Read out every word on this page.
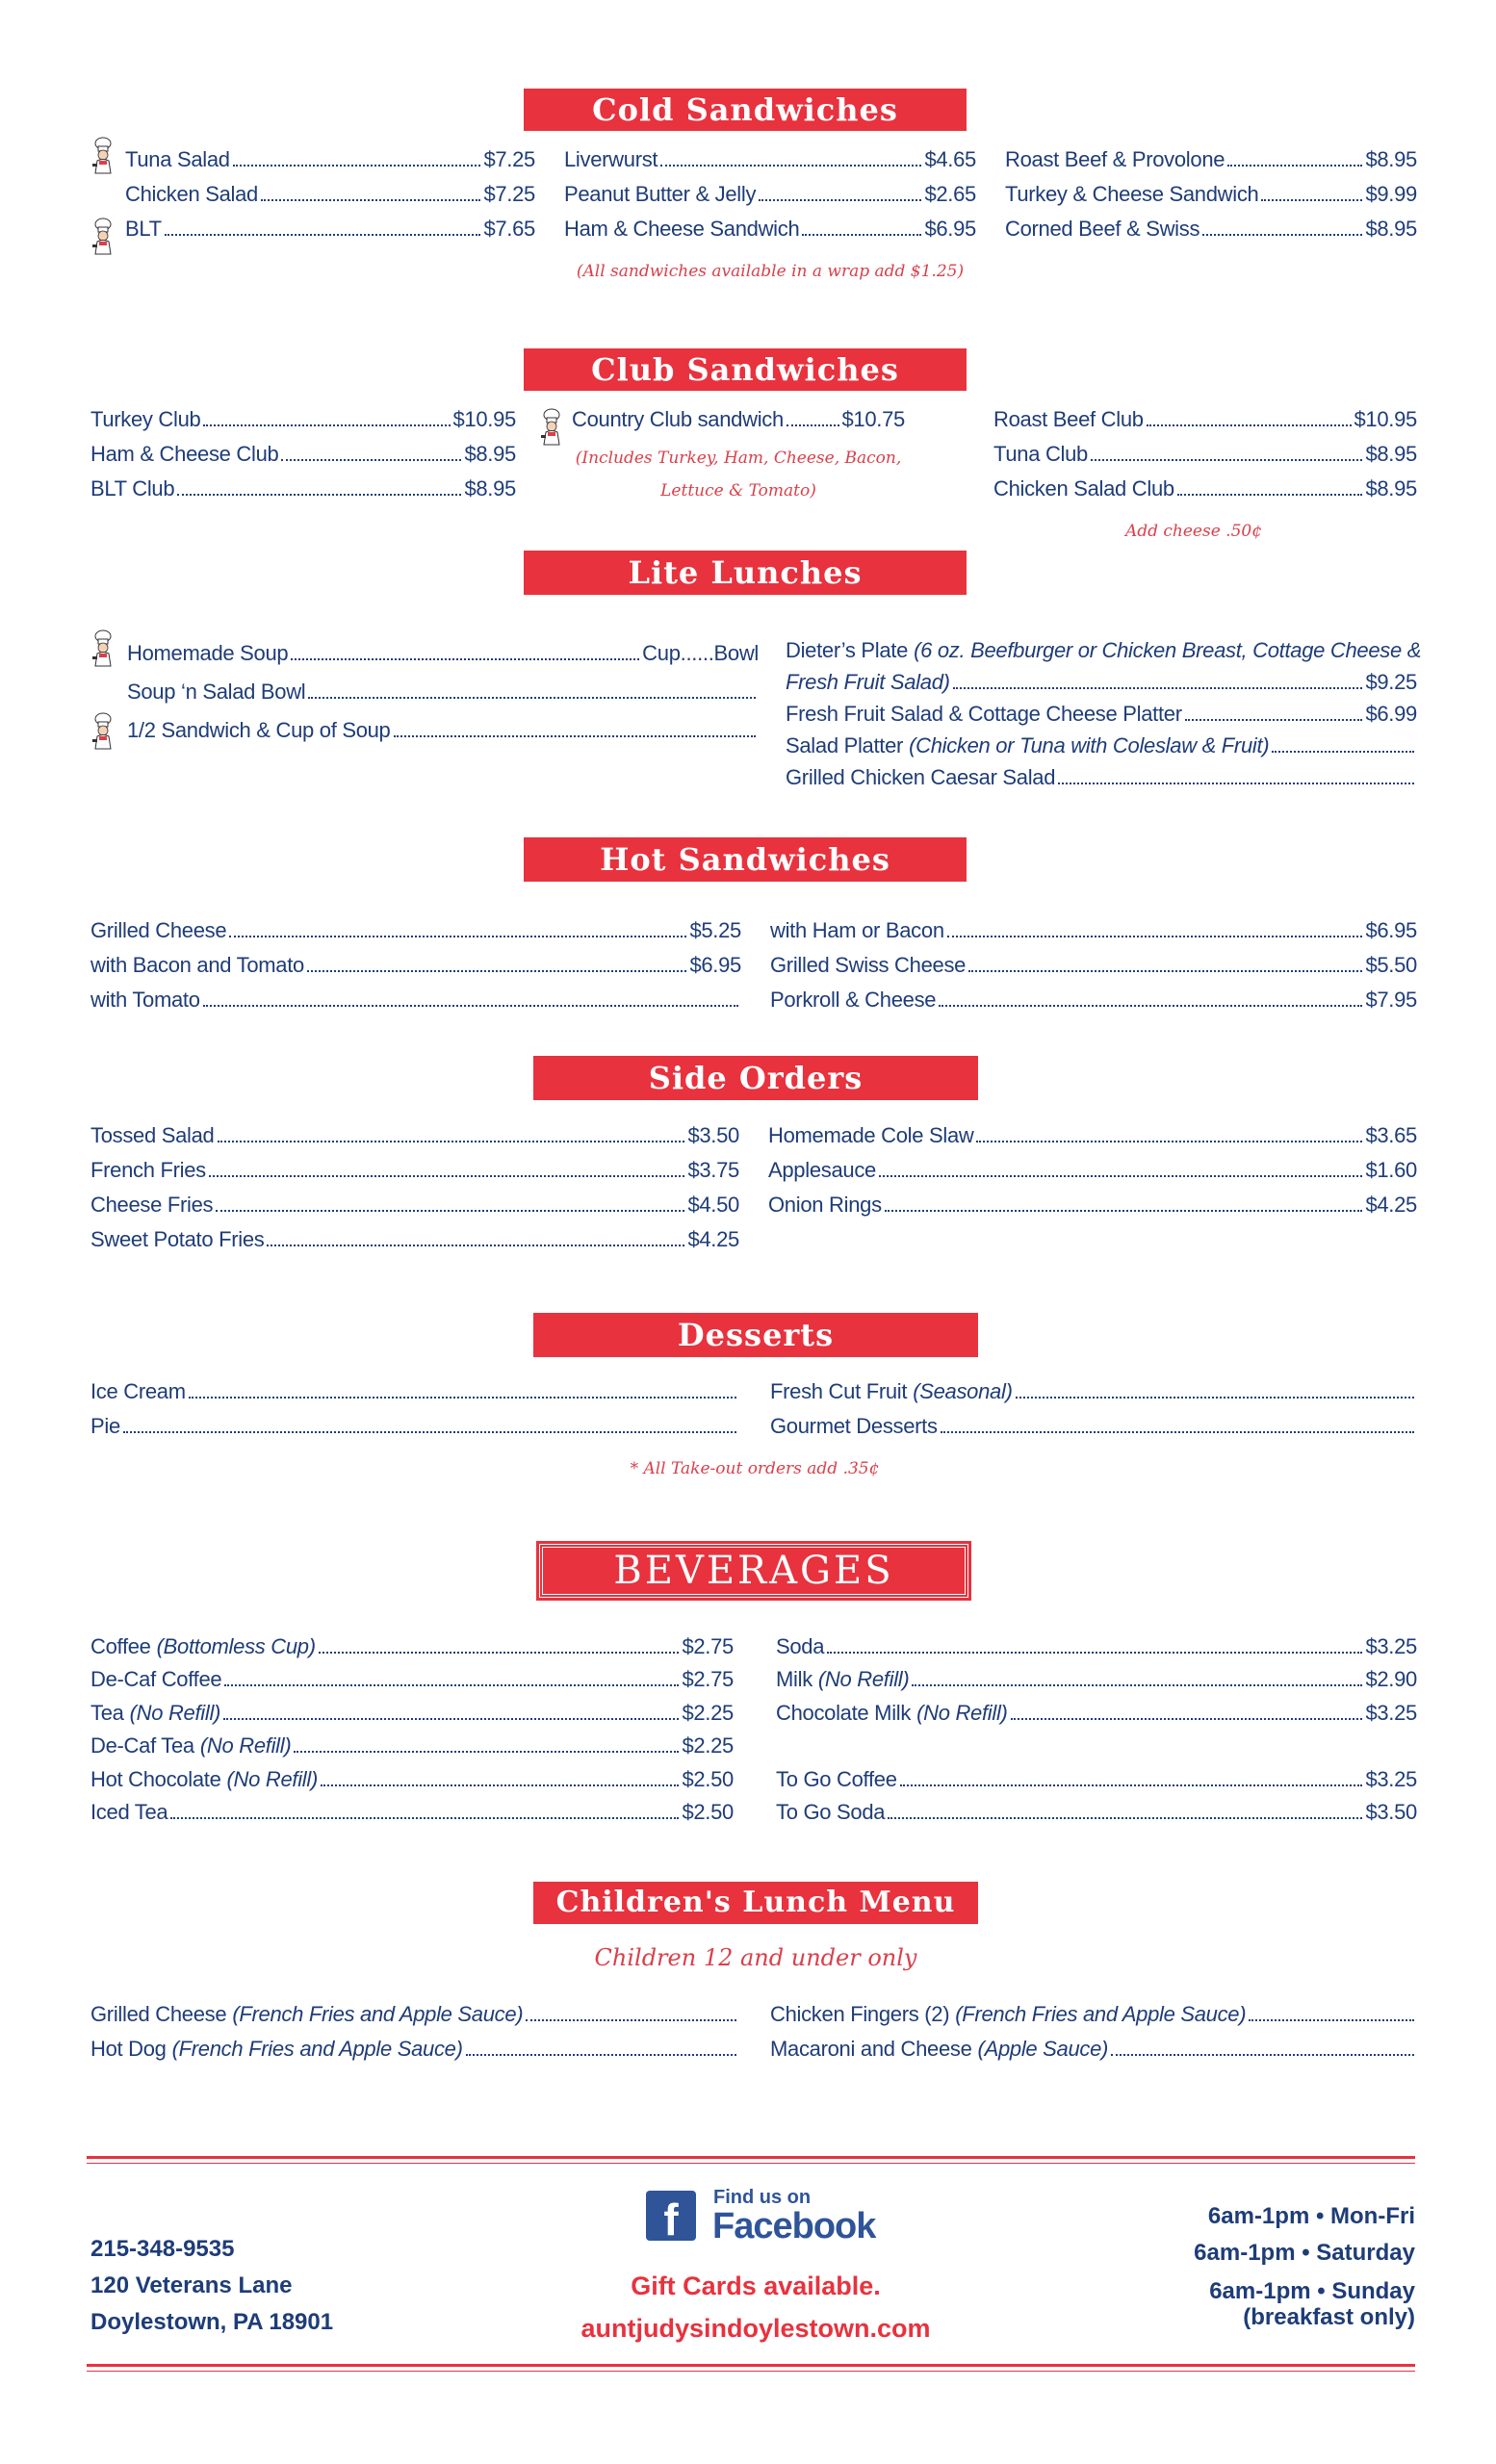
Cold Sandwiches
Tuna Salad	$7.25
Chicken Salad	$7.25
BLT	$7.65
Liverwurst	$4.65
Peanut Butter & Jelly	$2.65
Ham & Cheese Sandwich	$6.95
Roast Beef & Provolone	$8.95
Turkey & Cheese Sandwich	$9.99
Corned Beef & Swiss	$8.95
(All sandwiches available in a wrap add $1.25)
Club Sandwiches
Turkey Club	$10.95
Ham & Cheese Club	$8.95
BLT Club	$8.95
Country Club sandwich	$10.75
(Includes Turkey, Ham, Cheese, Bacon,
Lettuce & Tomato)
Roast Beef Club	$10.95
Tuna Club	$8.95
Chicken Salad Club	$8.95
Add cheese .50¢
Lite Lunches
Homemade Soup	Cup......Bowl
Soup ‘n Salad Bowl
1/2 Sandwich & Cup of Soup
Dieter’s Plate (6 oz. Beefburger or Chicken Breast, Cottage Cheese &
Fresh Fruit Salad)	$9.25
Fresh Fruit Salad & Cottage Cheese Platter	$6.99
Salad Platter (Chicken or Tuna with Coleslaw & Fruit)
Grilled Chicken Caesar Salad
Hot Sandwiches
Grilled Cheese	$5.25
with Bacon and Tomato	$6.95
with Tomato
with Ham or Bacon	$6.95
Grilled Swiss Cheese	$5.50
Porkroll & Cheese	$7.95
Side Orders
Tossed Salad	$3.50
French Fries	$3.75
Cheese Fries	$4.50
Sweet Potato Fries	$4.25
Homemade Cole Slaw	$3.65
Applesauce	$1.60
Onion Rings	$4.25
Desserts
Ice Cream
Pie
Fresh Cut Fruit (Seasonal)
Gourmet Desserts
* All Take-out orders add .35¢
BEVERAGES
Coffee (Bottomless Cup)	$2.75
De-Caf Coffee	$2.75
Tea (No Refill)	$2.25
De-Caf Tea (No Refill)	$2.25
Hot Chocolate (No Refill)	$2.50
Iced Tea	$2.50
Soda	$3.25
Milk (No Refill)	$2.90
Chocolate Milk (No Refill)	$3.25
To Go Coffee	$3.25
To Go Soda	$3.50
Children's Lunch Menu
Children 12 and under only
Grilled Cheese (French Fries and Apple Sauce)
Hot Dog (French Fries and Apple Sauce)
Chicken Fingers (2) (French Fries and Apple Sauce)
Macaroni and Cheese (Apple Sauce)
215-348-9535
120 Veterans Lane
Doylestown, PA 18901
f	Find us on
Facebook
Gift Cards available.
auntjudysindoylestown.com
6am-1pm • Mon-Fri
6am-1pm • Saturday
6am-1pm • Sunday
(breakfast only)
